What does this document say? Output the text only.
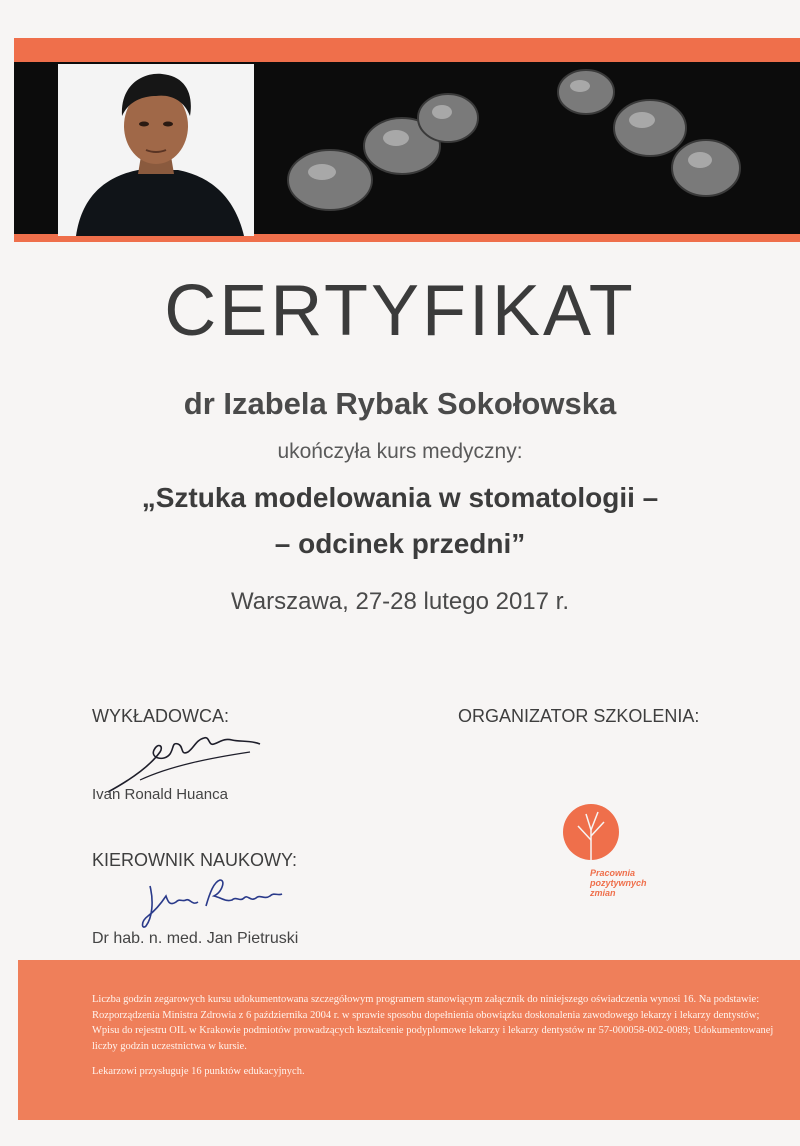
CERTYFIKAT
dr Izabela Rybak Sokołowska
ukończyła kurs medyczny:
„Sztuka modelowania w stomatologii –
– odcinek przedni”
Warszawa, 27-28 lutego 2017 r.
WYKŁADOWCA:
Ivan Ronald Huanca
ORGANIZATOR SZKOLENIA:
Pracownia
pozytywnych
zmian
KIEROWNIK NAUKOWY:
Dr hab. n. med. Jan Pietruski

Liczba godzin zegarowych kursu udokumentowana szczegółowym programem stanowiącym załącznik do niniejszego oświadczenia wynosi 16. Na podstawie: Rozporządzenia Ministra Zdrowia z 6 października 2004 r. w sprawie sposobu dopełnienia obowiązku doskonalenia zawodowego lekarzy i lekarzy dentystów; Wpisu do rejestru OIL w Krakowie podmiotów prowadzących kształcenie podyplomowe lekarzy i lekarzy dentystów nr 57-000058-002-0089; Udokumentowanej liczby godzin uczestnictwa w kursie.

Lekarzowi przysługuje 16 punktów edukacyjnych.
